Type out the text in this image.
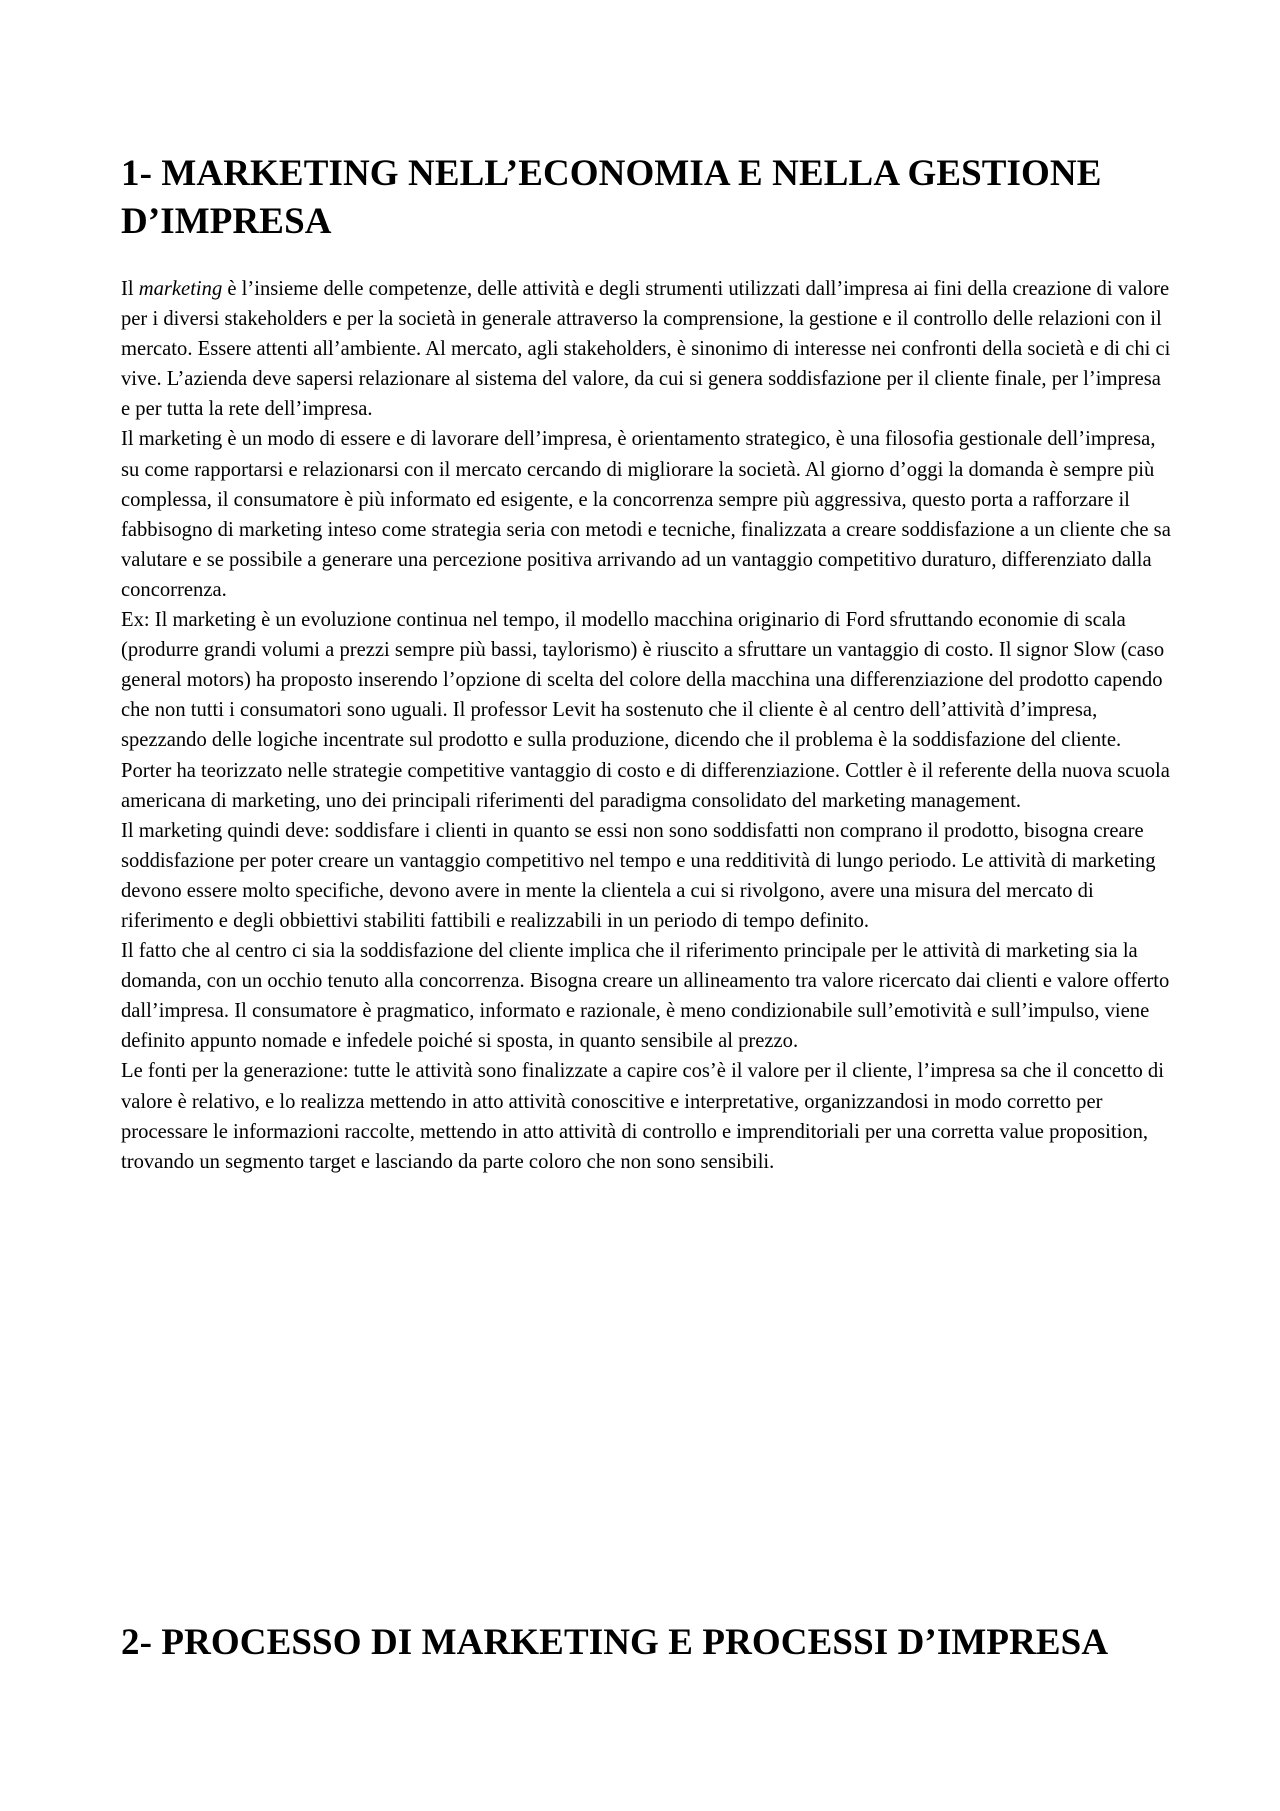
1- MARKETING NELL’ECONOMIA E NELLA GESTIONE D’IMPRESA

Il marketing è l’insieme delle competenze, delle attività e degli strumenti utilizzati dall’impresa ai fini della creazione di valore per i diversi stakeholders e per la società in generale attraverso la comprensione, la gestione e il controllo delle relazioni con il mercato. Essere attenti all’ambiente. Al mercato, agli stakeholders, è sinonimo di interesse nei confronti della società e di chi ci vive. L’azienda deve sapersi relazionare al sistema del valore, da cui si genera soddisfazione per il cliente finale, per l’impresa e per tutta la rete dell’impresa.

Il marketing è un modo di essere e di lavorare dell’impresa, è orientamento strategico, è una filosofia gestionale dell’impresa, su come rapportarsi e relazionarsi con il mercato cercando di migliorare la società. Al giorno d’oggi la domanda è sempre più complessa, il consumatore è più informato ed esigente, e la concorrenza sempre più aggressiva, questo porta a rafforzare il fabbisogno di marketing inteso come strategia seria con metodi e tecniche, finalizzata a creare soddisfazione a un cliente che sa valutare e se possibile a generare una percezione positiva arrivando ad un vantaggio competitivo duraturo, differenziato dalla concorrenza.

Ex: Il marketing è un evoluzione continua nel tempo, il modello macchina originario di Ford sfruttando economie di scala (produrre grandi volumi a prezzi sempre più bassi, taylorismo) è riuscito a sfruttare un vantaggio di costo. Il signor Slow (caso general motors) ha proposto inserendo l’opzione di scelta del colore della macchina una differenziazione del prodotto capendo che non tutti i consumatori sono uguali. Il professor Levit ha sostenuto che il cliente è al centro dell’attività d’impresa, spezzando delle logiche incentrate sul prodotto e sulla produzione, dicendo che il problema è la soddisfazione del cliente. Porter ha teorizzato nelle strategie competitive vantaggio di costo e di differenziazione. Cottler è il referente della nuova scuola americana di marketing, uno dei principali riferimenti del paradigma consolidato del marketing management.

Il marketing quindi deve: soddisfare i clienti in quanto se essi non sono soddisfatti non comprano il prodotto, bisogna creare soddisfazione per poter creare un vantaggio competitivo nel tempo e una redditività di lungo periodo. Le attività di marketing devono essere molto specifiche, devono avere in mente la clientela a cui si rivolgono, avere una misura del mercato di riferimento e degli obbiettivi stabiliti fattibili e realizzabili in un periodo di tempo definito.

Il fatto che al centro ci sia la soddisfazione del cliente implica che il riferimento principale per le attività di marketing sia la domanda, con un occhio tenuto alla concorrenza. Bisogna creare un allineamento tra valore ricercato dai clienti e valore offerto dall’impresa. Il consumatore è pragmatico, informato e razionale, è meno condizionabile sull’emotività e sull’impulso, viene definito appunto nomade e infedele poiché si sposta, in quanto sensibile al prezzo.

Le fonti per la generazione: tutte le attività sono finalizzate a capire cos’è il valore per il cliente, l’impresa sa che il concetto di valore è relativo, e lo realizza mettendo in atto attività conoscitive e interpretative, organizzandosi in modo corretto per processare le informazioni raccolte, mettendo in atto attività di controllo e imprenditoriali per una corretta value proposition, trovando un segmento target e lasciando da parte coloro che non sono sensibili.

2- PROCESSO DI MARKETING E PROCESSI D’IMPRESA
